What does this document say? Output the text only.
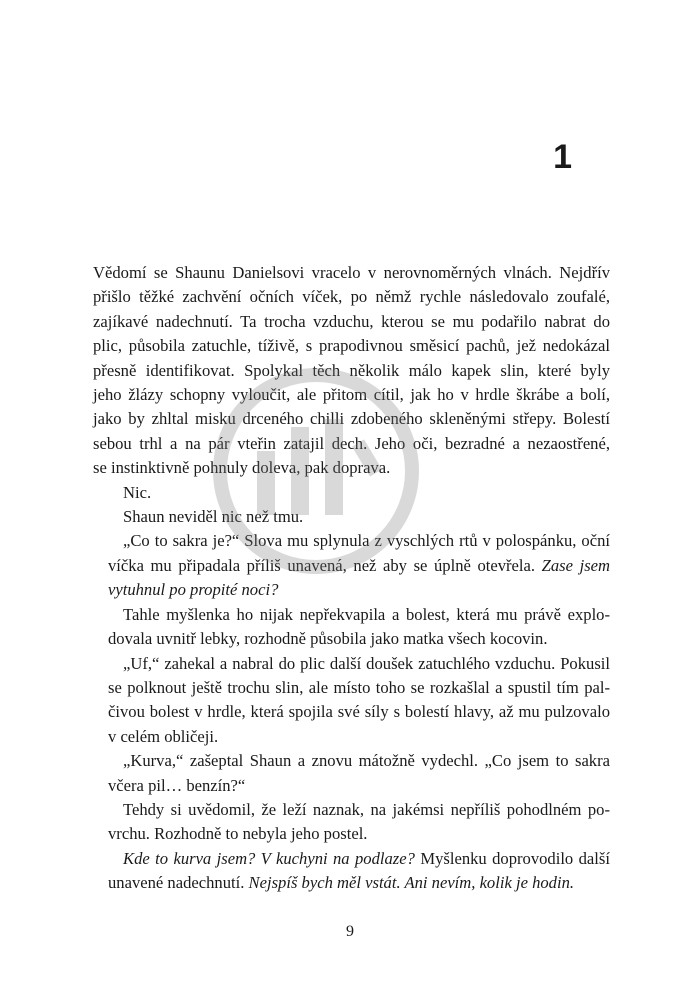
1

Vědomí se Shaunu Danielsovi vracelo v nerovnoměrných vlnách. Nejdřív
přišlo těžké zachvění očních víček, po němž rychle následovalo zoufalé,
zajíkavé nadechnutí. Ta trocha vzduchu, kterou se mu podařilo nabrat do
plic, působila zatuchle, tíživě, s prapodivnou směsicí pachů, jež nedokázal
přesně identifikovat. Spolykal těch několik málo kapek slin, které byly
jeho žlázy schopny vyloučit, ale přitom cítil, jak ho v hrdle škrábe a bolí,
jako by zhltal misku drceného chilli zdobeného skleněnými střepy. Bolestí
sebou trhl a na pár vteřin zatajil dech. Jeho oči, bezradné a nezaostřené,
se instinktivně pohnuly doleva, pak doprava.

Nic.

Shaun neviděl nic než tmu.

„Co to sakra je?“ Slova mu splynula z vyschlých rtů v polospánku, oční
víčka mu připadala příliš unavená, než aby se úplně otevřela. Zase jsem
vytuhnul po propité noci?

Tahle myšlenka ho nijak nepřekvapila a bolest, která mu právě explo-
dovala uvnitř lebky, rozhodně působila jako matka všech kocovin.

„Uf,“ zahekal a nabral do plic další doušek zatuchlého vzduchu. Pokusil
se polknout ještě trochu slin, ale místo toho se rozkašlal a spustil tím pal-
čivou bolest v hrdle, která spojila své síly s bolestí hlavy, až mu pulzovalo
v celém obličeji.

„Kurva,“ zašeptal Shaun a znovu mátožně vydechl. „Co jsem to sakra
včera pil… benzín?“

Tehdy si uvědomil, že leží naznak, na jakémsi nepříliš pohodlném po-
vrchu. Rozhodně to nebyla jeho postel.

Kde to kurva jsem? V kuchyni na podlaze? Myšlenku doprovodilo další
unavené nadechnutí. Nejspíš bych měl vstát. Ani nevím, kolik je hodin.

9
